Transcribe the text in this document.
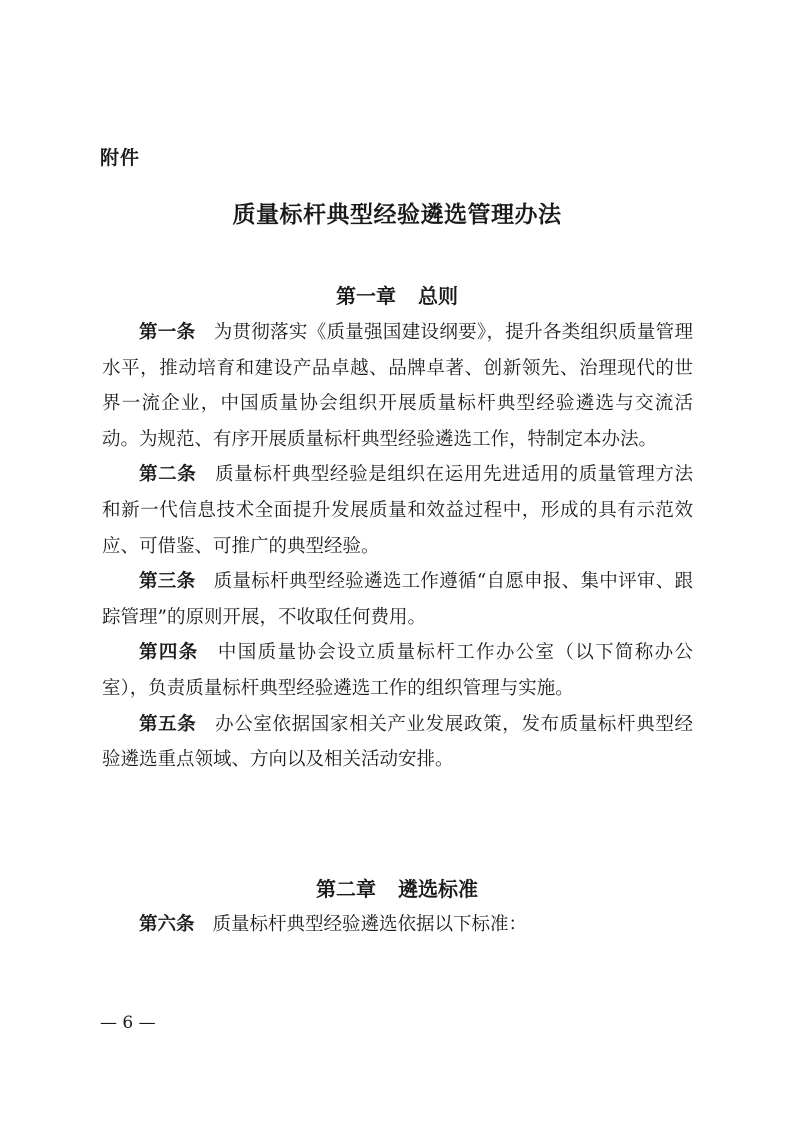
附件
质量标杆典型经验遴选管理办法
第一章 总则

第一条 为贯彻落实《质量强国建设纲要》，提升各类组织质量管理水平，推动培育和建设产品卓越、品牌卓著、创新领先、治理现代的世界一流企业，中国质量协会组织开展质量标杆典型经验遴选与交流活动。为规范、有序开展质量标杆典型经验遴选工作，特制定本办法。

第二条 质量标杆典型经验是组织在运用先进适用的质量管理方法和新一代信息技术全面提升发展质量和效益过程中，形成的具有示范效应、可借鉴、可推广的典型经验。

第三条 质量标杆典型经验遴选工作遵循“自愿申报、集中评审、跟踪管理”的原则开展，不收取任何费用。

第四条 中国质量协会设立质量标杆工作办公室（以下简称办公室），负责质量标杆典型经验遴选工作的组织管理与实施。

第五条 办公室依据国家相关产业发展政策，发布质量标杆典型经验遴选重点领域、方向以及相关活动安排。

第二章 遴选标准

第六条 质量标杆典型经验遴选依据以下标准：

— 6 —
